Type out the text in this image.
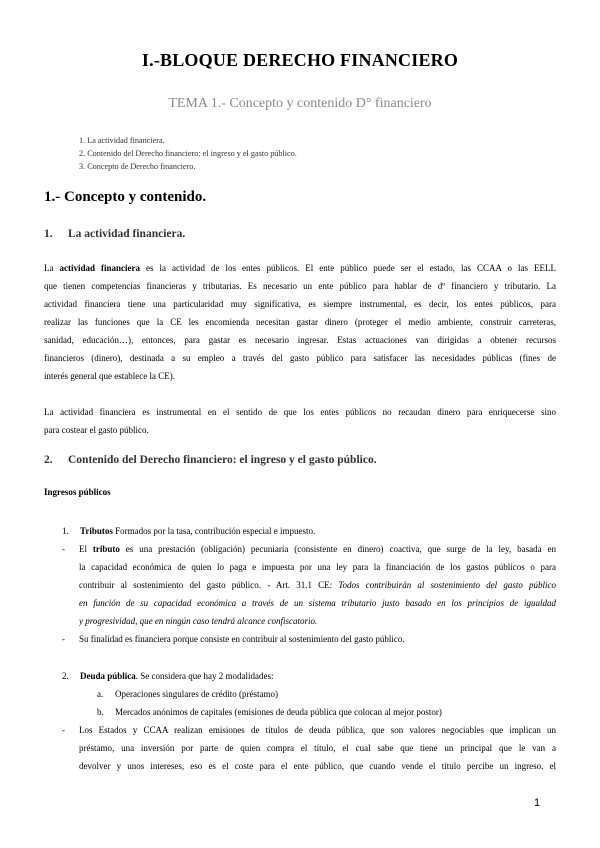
I.-BLOQUE DERECHO FINANCIERO
TEMA 1.- Concepto y contenido D° financiero
1. La actividad financiera.
2. Contenido del Derecho financiero: el ingreso y el gasto público.
3. Concepto de Derecho financiero.
1.- Concepto y contenido.
1. La actividad financiera.
La actividad financiera es la actividad de los entes públicos. El ente público puede ser el estado, las CCAA o las EELL
que tienen competencias financieras y tributarias. Es necesario un ente público para hablar de dº financiero y tributario. La
actividad financiera tiene una particularidad muy significativa, es siempre instrumental, es decir, los entes públicos, para
realizar las funciones que la CE les encomienda necesitan gastar dinero (proteger el medio ambiente, construir carreteras,
sanidad, educación…), entonces, para gastar es necesario ingresar. Estas actuaciones van dirigidas a obtener recursos
financieros (dinero), destinada a su empleo a través del gasto público para satisfacer las necesidades públicas (fines de
interés general que establece la CE).
La actividad financiera es instrumental en el sentido de que los entes públicos no recaudan dinero para enriquecerse sino
para costear el gasto público.
2. Contenido del Derecho financiero: el ingreso y el gasto público.
Ingresos públicos
1. Tributos Formados por la tasa, contribución especial e impuesto.
- El tributo es una prestación (obligación) pecuniaria (consistente en dinero) coactiva, que surge de la ley, basada en
la capacidad económica de quien lo paga e impuesta por una ley para la financiación de los gastos públicos o para
contribuir al sostenimiento del gasto público. - Art. 31.1 CE: Todos contribuirán al sostenimiento del gasto público
en función de su capacidad económica a través de un sistema tributario justo basado en los principios de igualdad
y progresividad, que en ningún caso tendrá alcance confiscatorio.
- Su finalidad es financiera porque consiste en contribuir al sostenimiento del gasto público.
2. Deuda pública. Se considera que hay 2 modalidades:
a. Operaciones singulares de crédito (préstamo)
b. Mercados anónimos de capitales (emisiones de deuda pública que colocan al mejor postor)
- Los Estados y CCAA realizan emisiones de títulos de deuda pública, que son valores negociables que implican un
préstamo, una inversión por parte de quien compra el título, el cual sabe que tiene un principal que le van a
devolver y unos intereses, eso es el coste para el ente público, que cuando vende el título percibe un ingreso. el
1
